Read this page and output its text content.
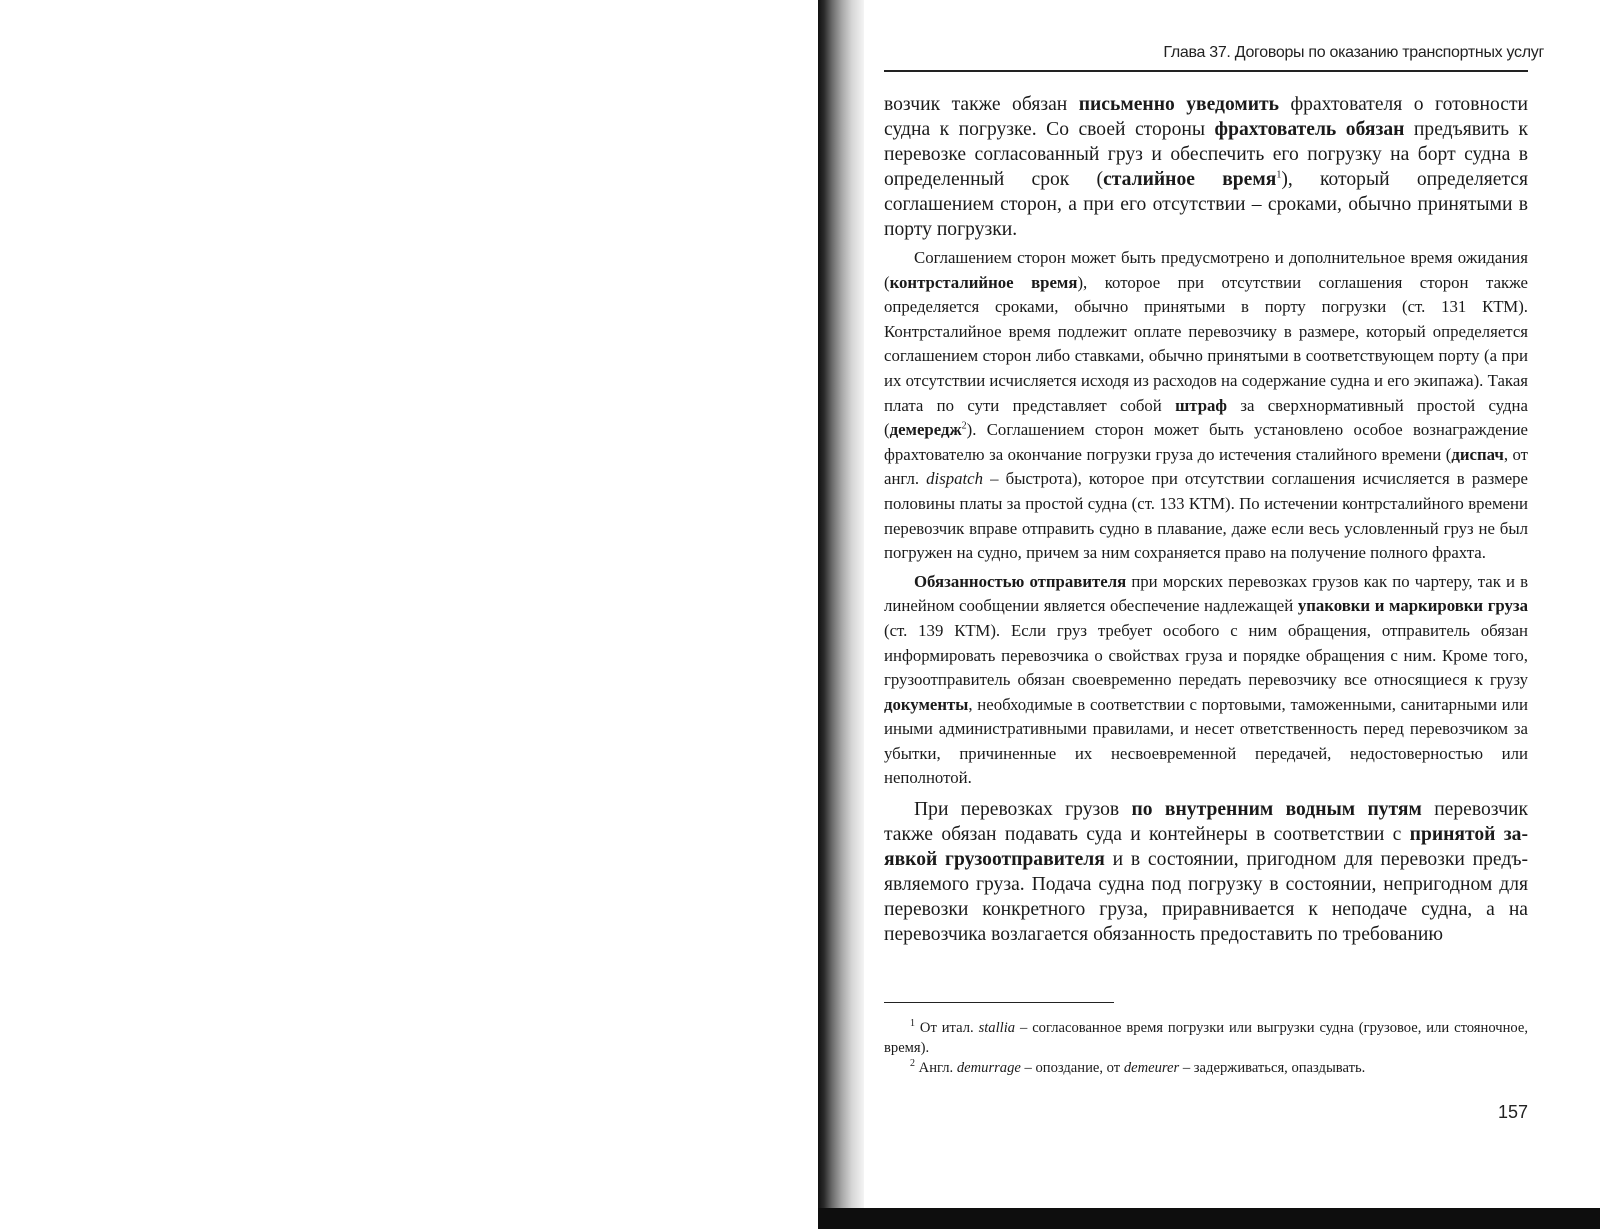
Глава 37. Договоры по оказанию транспортных услуг

возчик также обязан письменно уведомить фрахтователя о готовности судна к погрузке. Со своей стороны фрахтователь обязан предъявить к перевозке согласованный груз и обеспечить его погрузку на борт судна в определенный срок (сталийное время$^1$), который определяется соглашением сторон, а при его отсутствии – сроками, обычно принятыми в порту погрузки.

Соглашением сторон может быть предусмотрено и дополнительное время ожидания (контрсталийное время), которое при отсутствии соглашения сторон также определяется сроками, обычно принятыми в порту погрузки (ст. 131 КТМ). Контрсталийное время подлежит оплате перевозчику в размере, который определяется соглашением сторон либо ставками, обычно принятыми в соответствующем порту (а при их отсутствии исчисляется исходя из расходов на содержание судна и его экипажа). Такая плата по сути представляет собой штраф за сверхнормативный простой судна (демередж$^2$). Соглашением сторон может быть установлено особое вознаграждение фрахтователю за окончание погрузки груза до истечения сталийного времени (диспач, от англ. dispatch – быстрота), которое при отсутствии соглашения исчисляется в размере половины платы за простой судна (ст. 133 КТМ). По истечении контрсталийного времени перевозчик вправе отправить судно в плавание, даже если весь условленный груз не был погружен на судно, причем за ним сохраняется право на получение полного фрахта.

Обязанностью отправителя при морских перевозках грузов как по чартеру, так и в линейном сообщении является обеспечение надлежащей упаковки и маркировки груза (ст. 139 КТМ). Если груз требует особого с ним обращения, отправитель обязан информировать перевозчика о свойствах груза и порядке обращения с ним. Кроме того, грузоотправитель обязан своевременно передать перевозчику все относящиеся к грузу документы, необходимые в соответствии с портовыми, таможенными, санитарными или иными административными правилами, и несет ответственность перед перевозчиком за убытки, причиненные их несвоевременной передачей, недостоверностью или неполнотой.

При перевозках грузов по внутренним водным путям перевозчик также обязан подавать суда и контейнеры в соответствии с принятой заявкой грузоотправителя и в состоянии, пригодном для перевозки предъявляемого груза. Подача судна под погрузку в состоянии, непригодном для перевозки конкретного груза, приравнивается к неподаче судна, а на перевозчика возлагается обязанность предоставить по требованию

$^1$ От итал. stallia – согласованное время погрузки или выгрузки судна (грузовое, или стояночное, время).

$^2$ Англ. demurrage – опоздание, от demeurer – задерживаться, опаздывать.

157
